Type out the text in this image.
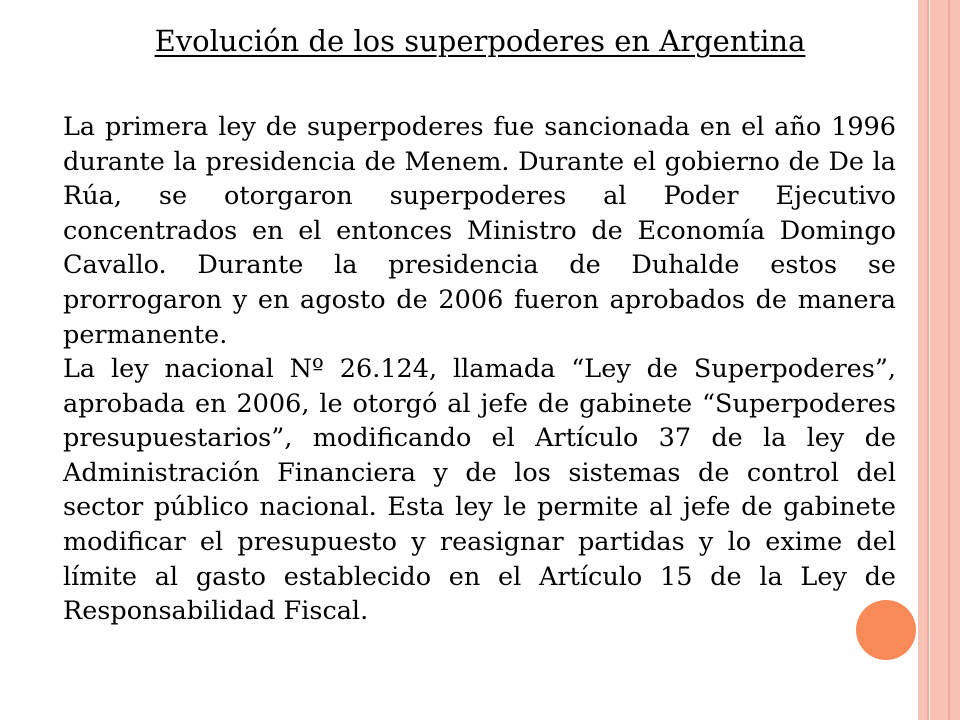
Evolución de los superpoderes en Argentina

La primera ley de superpoderes fue sancionada en el año 1996 durante la presidencia de Menem. Durante el gobierno de De la Rúa, se otorgaron superpoderes al Poder Ejecutivo concentrados en el entonces Ministro de Economía Domingo Cavallo. Durante la presidencia de Duhalde estos se prorrogaron y en agosto de 2006 fueron aprobados de manera permanente.

La ley nacional Nº 26.124, llamada “Ley de Superpoderes”, aprobada en 2006, le otorgó al jefe de gabinete “Superpoderes presupuestarios”, modificando el Artículo 37 de la ley de Administración Financiera y de los sistemas de control del sector público nacional. Esta ley le permite al jefe de gabinete modificar el presupuesto y reasignar partidas y lo exime del límite al gasto establecido en el Artículo 15 de la Ley de Responsabilidad Fiscal.
